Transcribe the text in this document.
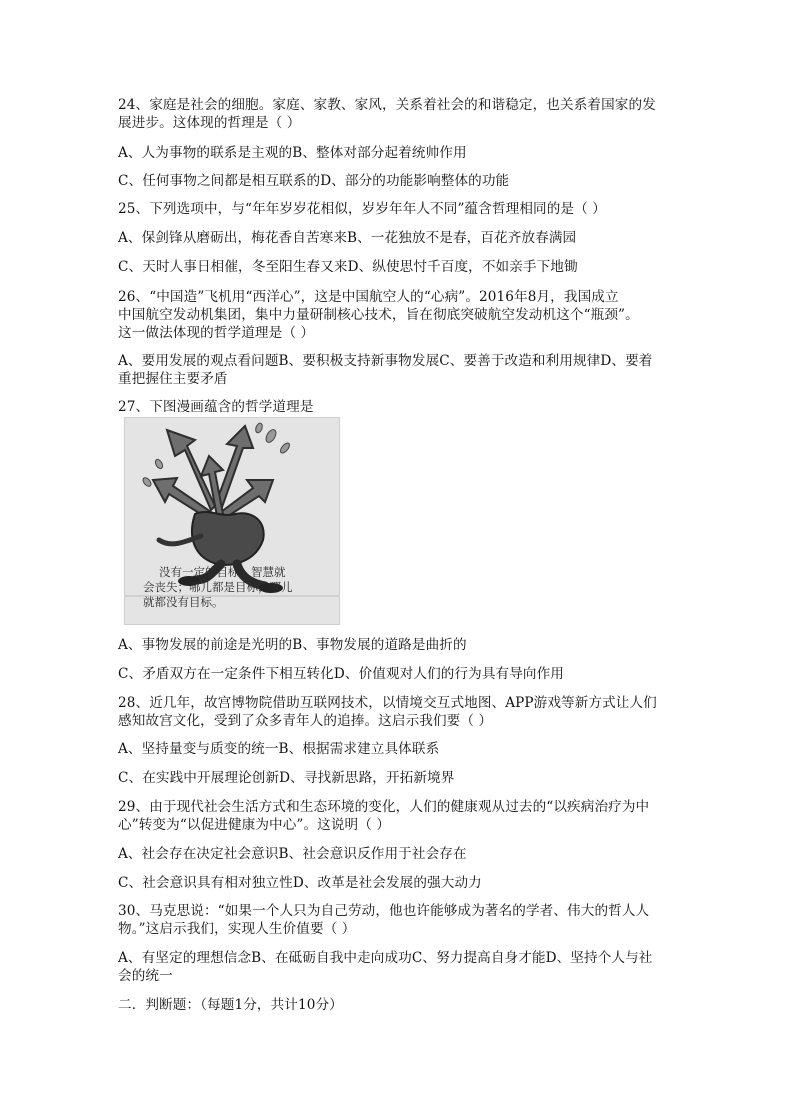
24、家庭是社会的细胞。家庭、家教、家风，关系着社会的和谐稳定，也关系着国家的发
展进步。这体现的哲理是（ ）
A、人为事物的联系是主观的B、整体对部分起着统帅作用
C、任何事物之间都是相互联系的D、部分的功能影响整体的功能
25、下列选项中，与“年年岁岁花相似，岁岁年年人不同”蕴含哲理相同的是（ ）
A、保剑锋从磨砺出，梅花香自苦寒来B、一花独放不是春，百花齐放春满园
C、天时人事日相催，冬至阳生春又来D、纵使思忖千百度，不如亲手下地锄
26、“中国造”飞机用“西洋心”，这是中国航空人的“心病”。2016年8月，我国成立
中国航空发动机集团，集中力量研制核心技术，旨在彻底突破航空发动机这个“瓶颈”。
这一做法体现的哲学道理是（ ）
A、要用发展的观点看问题B、要积极支持新事物发展C、要善于改造和利用规律D、要着
重把握住主要矛盾
27、下图漫画蕴含的哲学道理是
没有一定的目标，智慧就
会丧失；哪儿都是目标，哪儿
就都没有目标。
A、事物发展的前途是光明的B、事物发展的道路是曲折的
C、矛盾双方在一定条件下相互转化D、价值观对人们的行为具有导向作用
28、近几年，故宫博物院借助互联网技术，以情境交互式地图、APP游戏等新方式让人们
感知故宫文化，受到了众多青年人的追捧。这启示我们要（ ）
A、坚持量变与质变的统一B、根据需求建立具体联系
C、在实践中开展理论创新D、寻找新思路，开拓新境界
29、由于现代社会生活方式和生态环境的变化，人们的健康观从过去的“以疾病治疗为中
心”转变为“以促进健康为中心”。这说明（ ）
A、社会存在决定社会意识B、社会意识反作用于社会存在
C、社会意识具有相对独立性D、改革是社会发展的强大动力
30、马克思说：“如果一个人只为自己劳动，他也许能够成为著名的学者、伟大的哲人人
物。”这启示我们，实现人生价值要（ ）
A、有坚定的理想信念B、在砥砺自我中走向成功C、努力提高自身才能D、坚持个人与社
会的统一
二．判断题：（每题1分，共计10分）
